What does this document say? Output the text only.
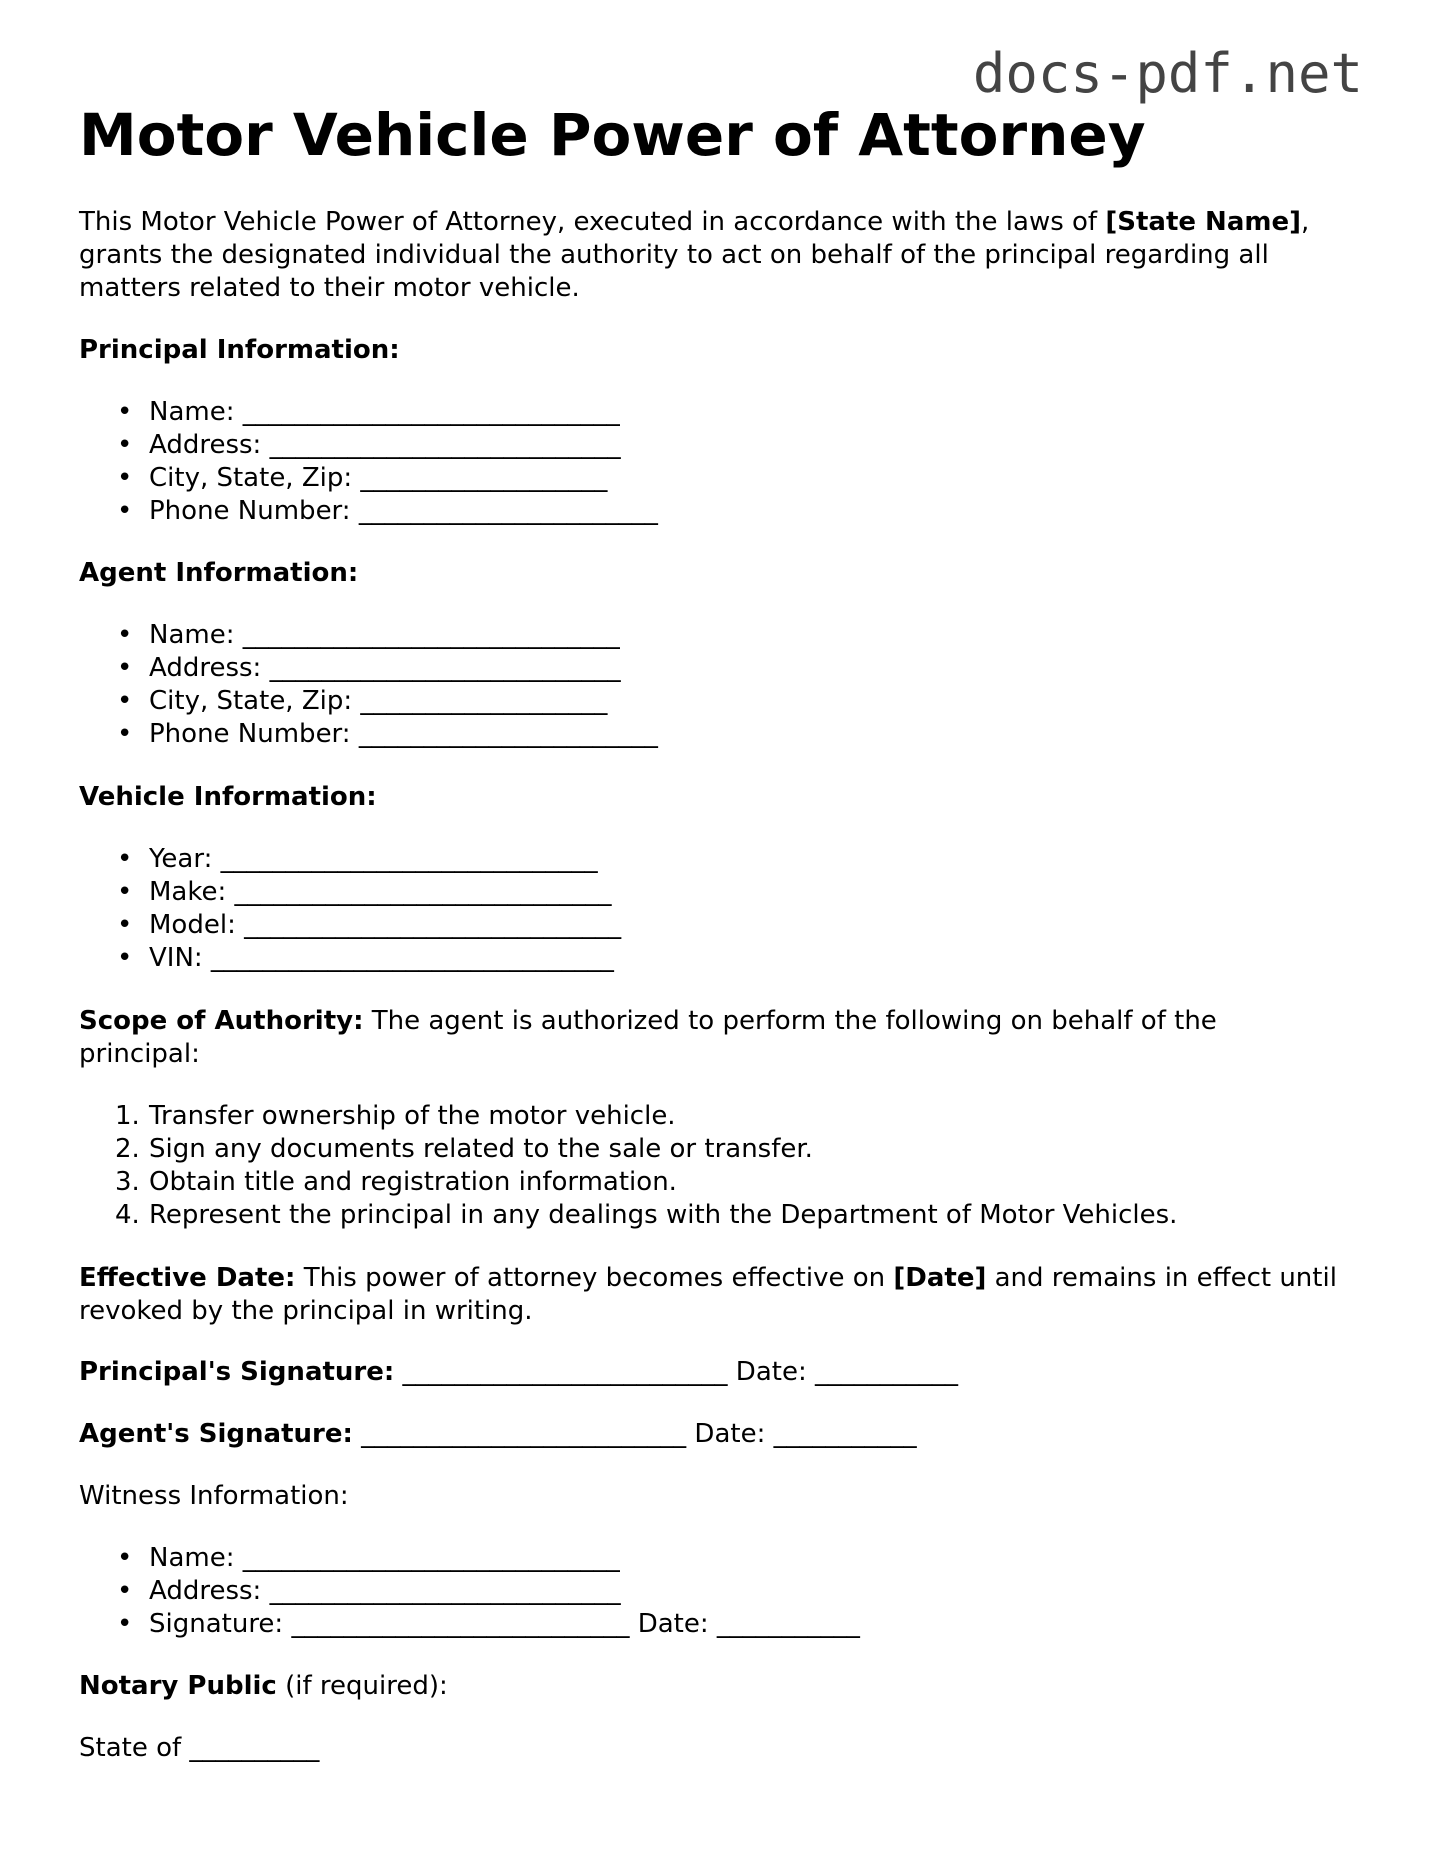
docs-pdf.net
Motor Vehicle Power of Attorney

This Motor Vehicle Power of Attorney, executed in accordance with the laws of [State Name], grants the designated individual the authority to act on behalf of the principal regarding all matters related to their motor vehicle.

Principal Information:

• Name: _____________________________
• Address: ___________________________
• City, State, Zip: ___________________
• Phone Number: _______________________

Agent Information:

• Name: _____________________________
• Address: ___________________________
• City, State, Zip: ___________________
• Phone Number: _______________________

Vehicle Information:

• Year: _____________________________
• Make: _____________________________
• Model: _____________________________
• VIN: _______________________________

Scope of Authority: The agent is authorized to perform the following on behalf of the principal:

1. Transfer ownership of the motor vehicle.
2. Sign any documents related to the sale or transfer.
3. Obtain title and registration information.
4. Represent the principal in any dealings with the Department of Motor Vehicles.

Effective Date: This power of attorney becomes effective on [Date] and remains in effect until revoked by the principal in writing.

Principal's Signature: _________________________ Date: ___________

Agent's Signature: _________________________ Date: ___________

Witness Information:

• Name: _____________________________
• Address: ___________________________
• Signature: __________________________ Date: ___________

Notary Public (if required):

State of __________
